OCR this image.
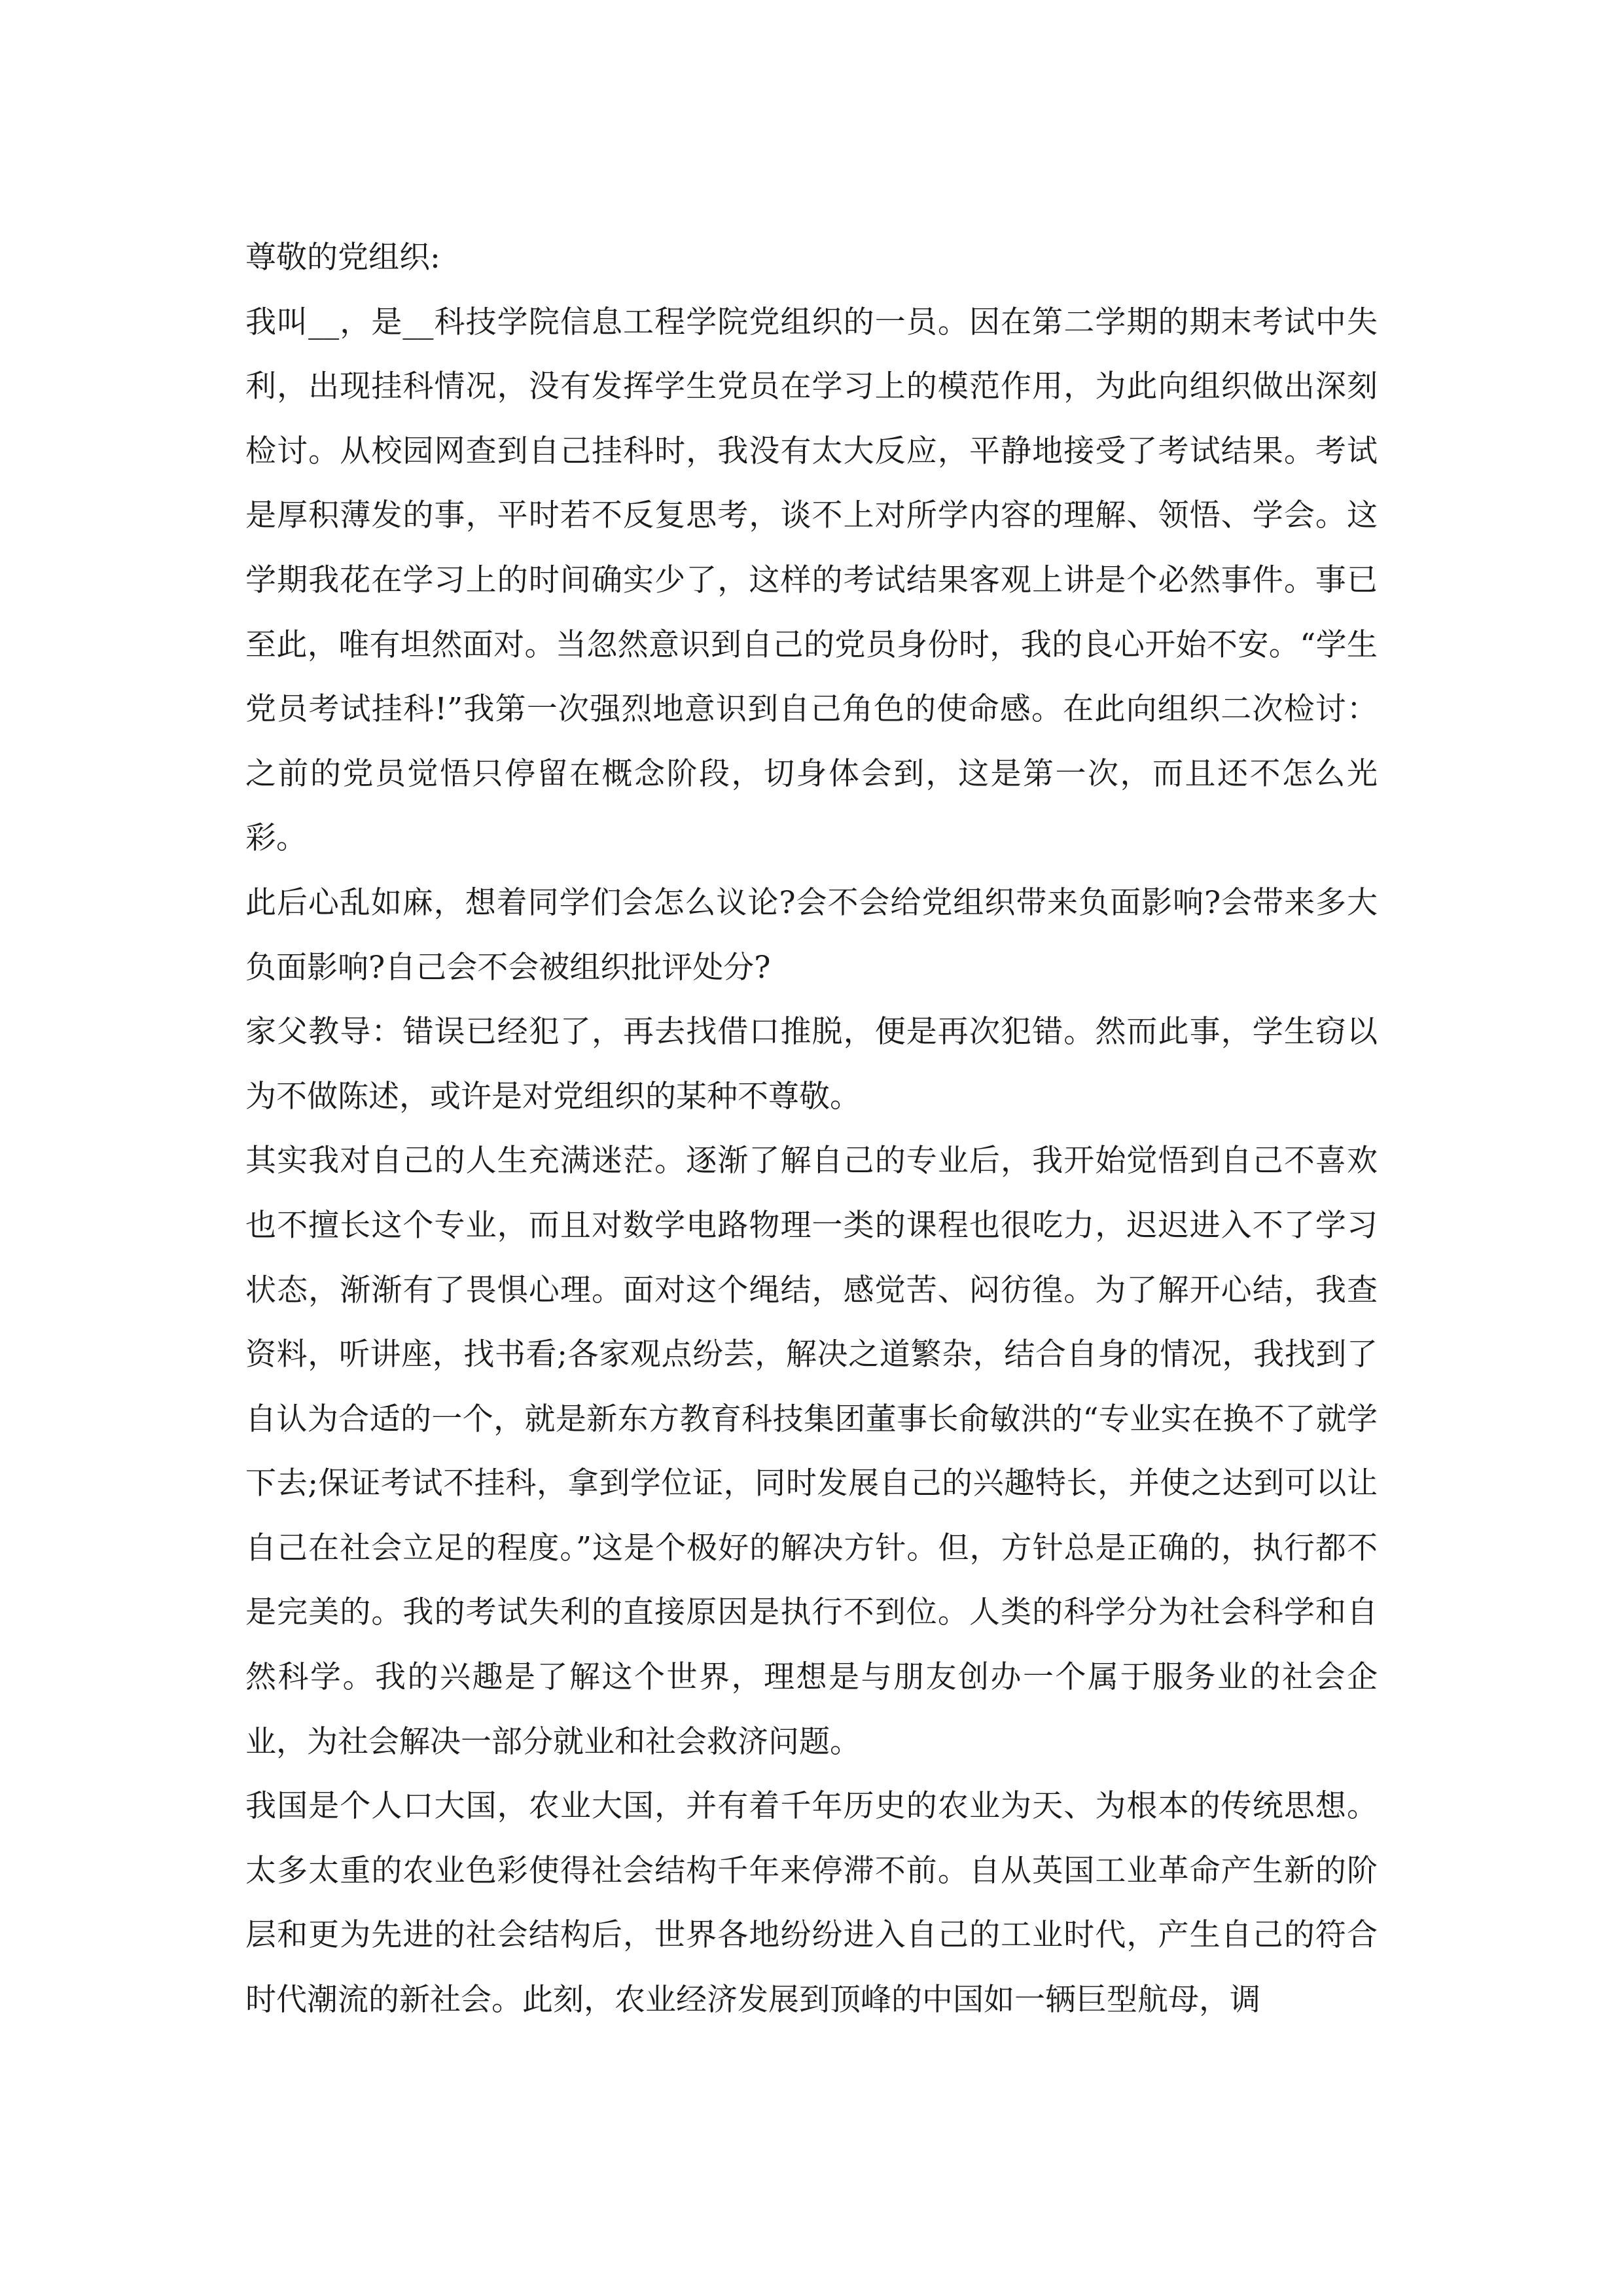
尊敬的党组织:

我叫__，是__科技学院信息工程学院党组织的一员。因在第二学期的期末考试中失利，出现挂科情况，没有发挥学生党员在学习上的模范作用，为此向组织做出深刻检讨。从校园网查到自己挂科时，我没有太大反应，平静地接受了考试结果。考试是厚积薄发的事，平时若不反复思考，谈不上对所学内容的理解、领悟、学会。这学期我花在学习上的时间确实少了，这样的考试结果客观上讲是个必然事件。事已至此，唯有坦然面对。当忽然意识到自己的党员身份时，我的良心开始不安。“学生党员考试挂科!”我第一次强烈地意识到自己角色的使命感。在此向组织二次检讨：之前的党员觉悟只停留在概念阶段，切身体会到，这是第一次，而且还不怎么光彩。

此后心乱如麻，想着同学们会怎么议论?会不会给党组织带来负面影响?会带来多大负面影响?自己会不会被组织批评处分?

家父教导：错误已经犯了，再去找借口推脱，便是再次犯错。然而此事，学生窃以为不做陈述，或许是对党组织的某种不尊敬。

其实我对自己的人生充满迷茫。逐渐了解自己的专业后，我开始觉悟到自己不喜欢也不擅长这个专业，而且对数学电路物理一类的课程也很吃力，迟迟进入不了学习状态，渐渐有了畏惧心理。面对这个绳结，感觉苦、闷彷徨。为了解开心结，我查资料，听讲座，找书看;各家观点纷芸，解决之道繁杂，结合自身的情况，我找到了自认为合适的一个，就是新东方教育科技集团董事长俞敏洪的“专业实在换不了就学下去;保证考试不挂科，拿到学位证，同时发展自己的兴趣特长，并使之达到可以让自己在社会立足的程度。”这是个极好的解决方针。但，方针总是正确的，执行都不是完美的。我的考试失利的直接原因是执行不到位。人类的科学分为社会科学和自然科学。我的兴趣是了解这个世界，理想是与朋友创办一个属于服务业的社会企业，为社会解决一部分就业和社会救济问题。

我国是个人口大国，农业大国，并有着千年历史的农业为天、为根本的传统思想。太多太重的农业色彩使得社会结构千年来停滞不前。自从英国工业革命产生新的阶层和更为先进的社会结构后，世界各地纷纷进入自己的工业时代，产生自己的符合时代潮流的新社会。此刻，农业经济发展到顶峰的中国如一辆巨型航母，调
